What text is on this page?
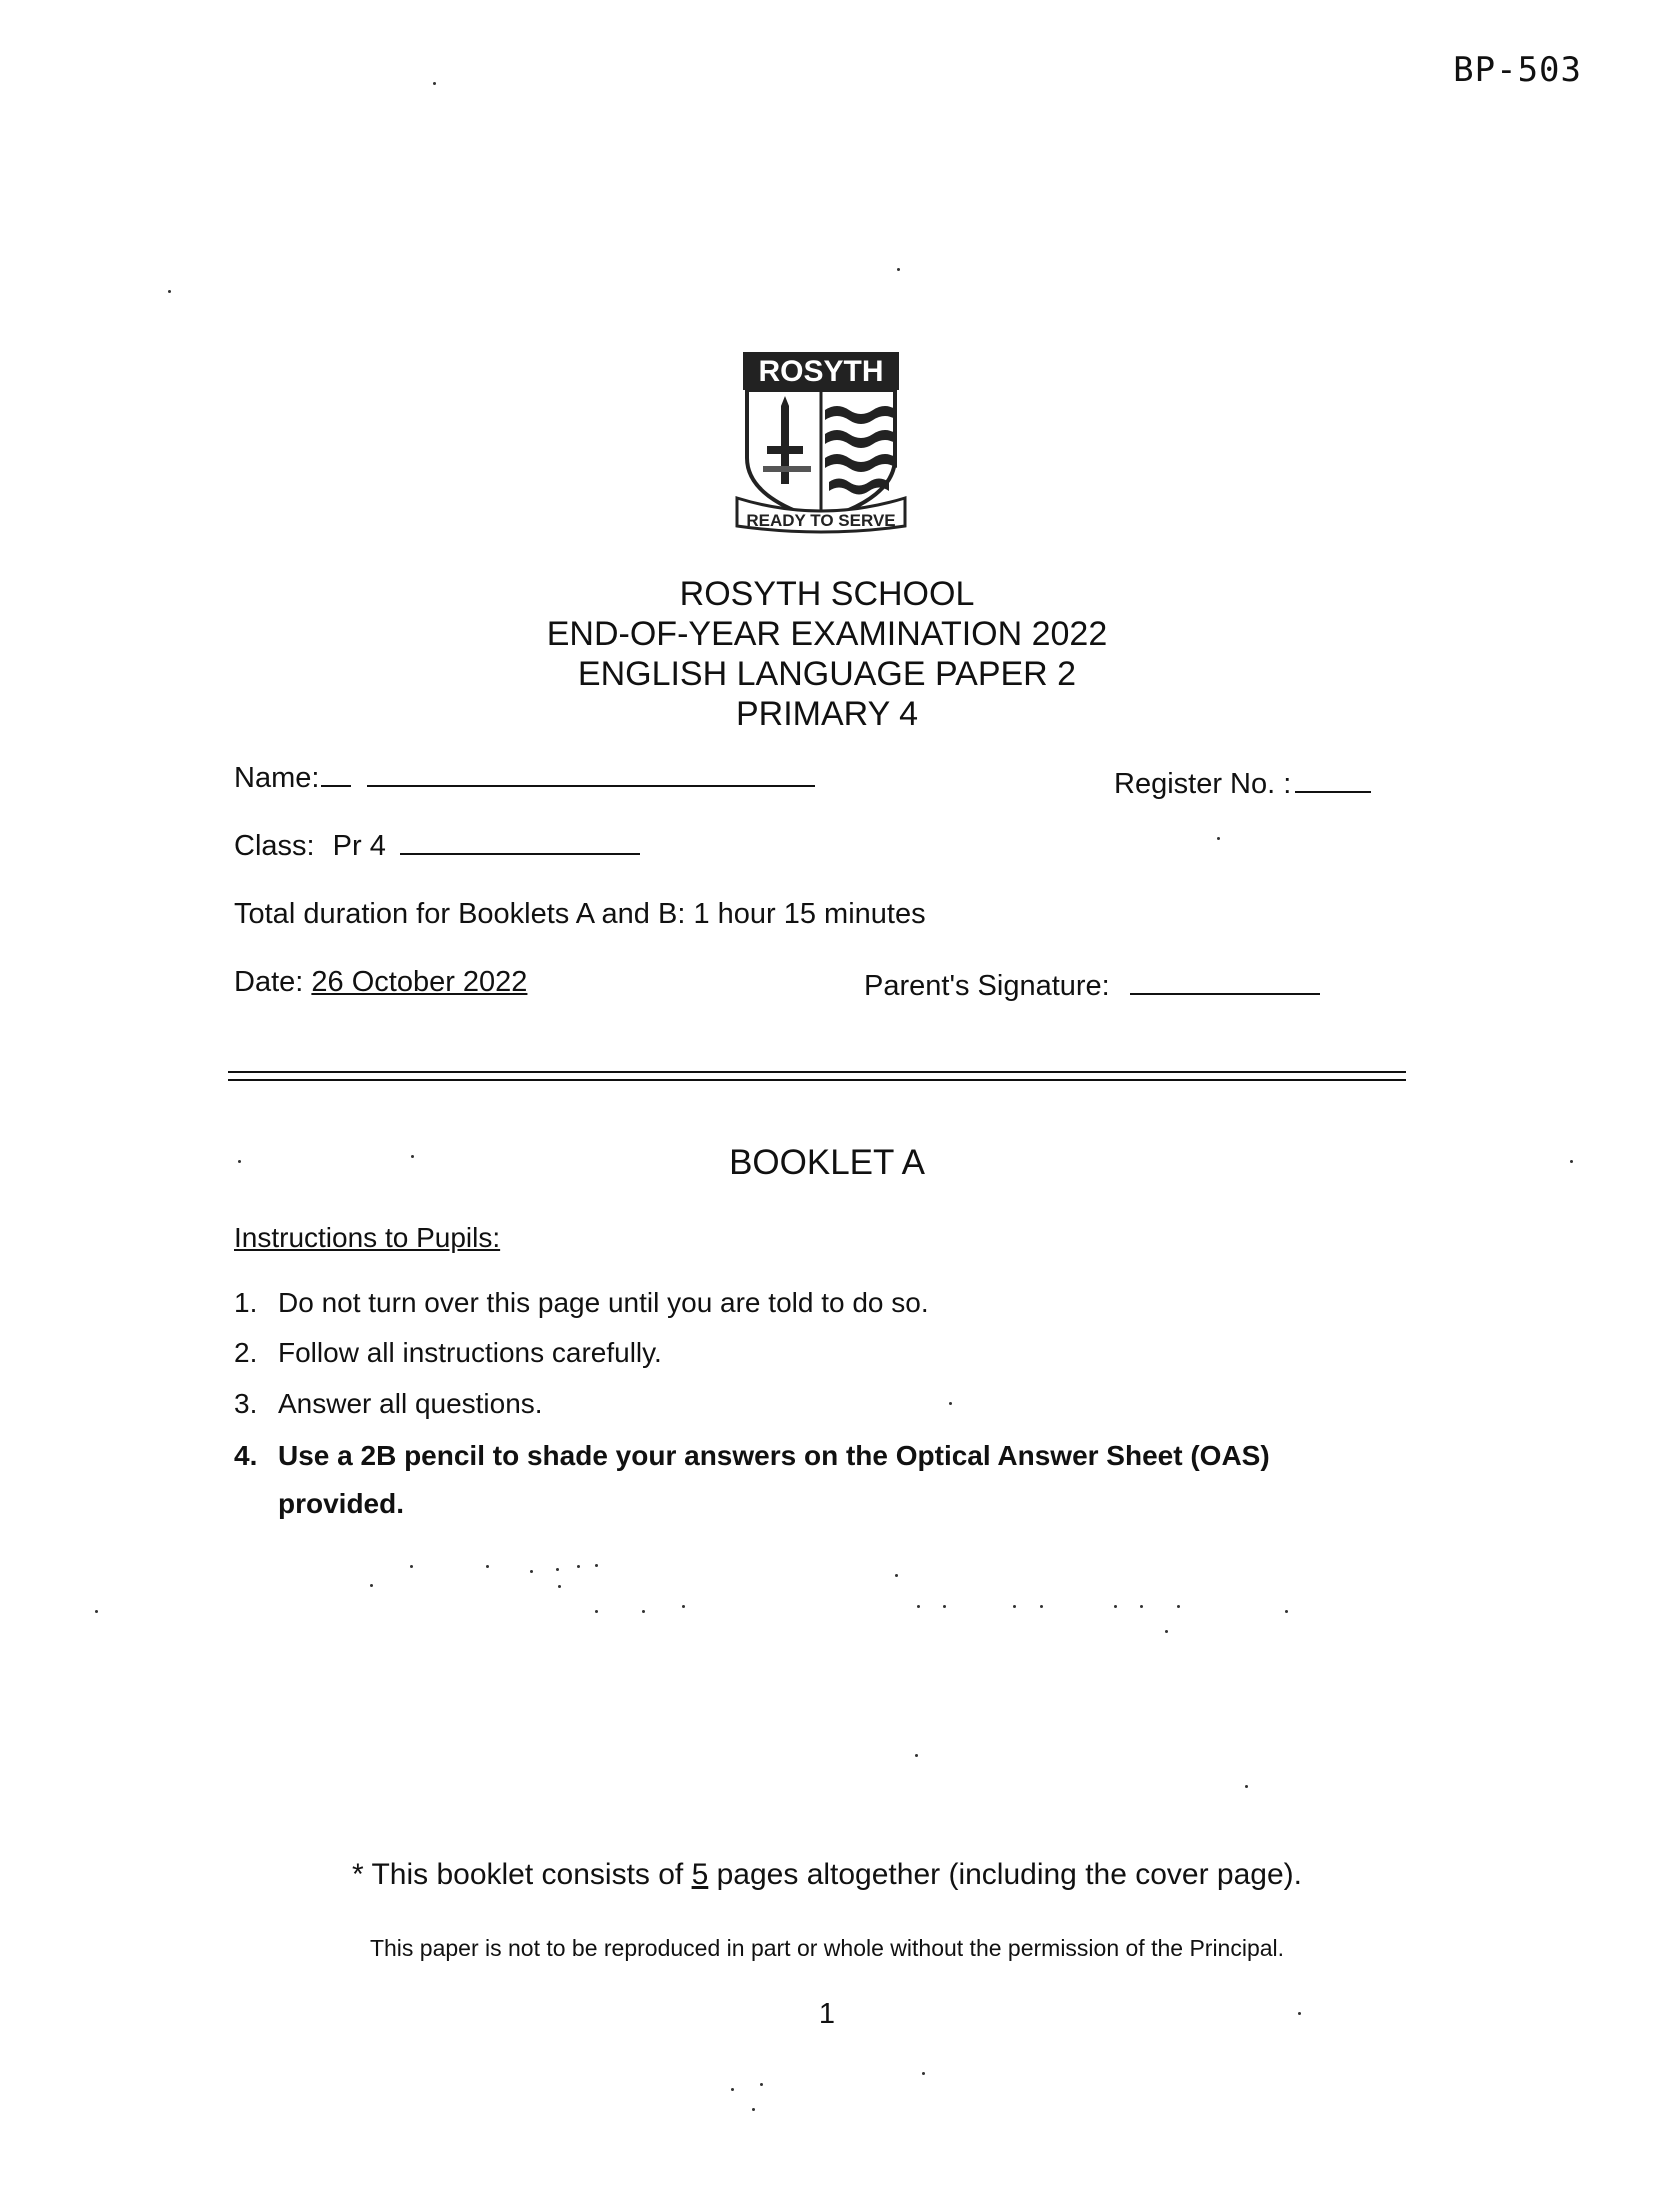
BP-503
ROSYTH
READY TO SERVE
ROSYTH SCHOOL
END-OF-YEAR EXAMINATION 2022
ENGLISH LANGUAGE PAPER 2
PRIMARY 4
Name:	Register No. :
Class: Pr 4
Total duration for Booklets A and B: 1 hour 15 minutes
Date: 26 October 2022	Parent's Signature:
BOOKLET A
Instructions to Pupils:
1. Do not turn over this page until you are told to do so.
2. Follow all instructions carefully.
3. Answer all questions.
4. Use a 2B pencil to shade your answers on the Optical Answer Sheet (OAS)
provided.
* This booklet consists of 5 pages altogether (including the cover page).
This paper is not to be reproduced in part or whole without the permission of the Principal.
1
